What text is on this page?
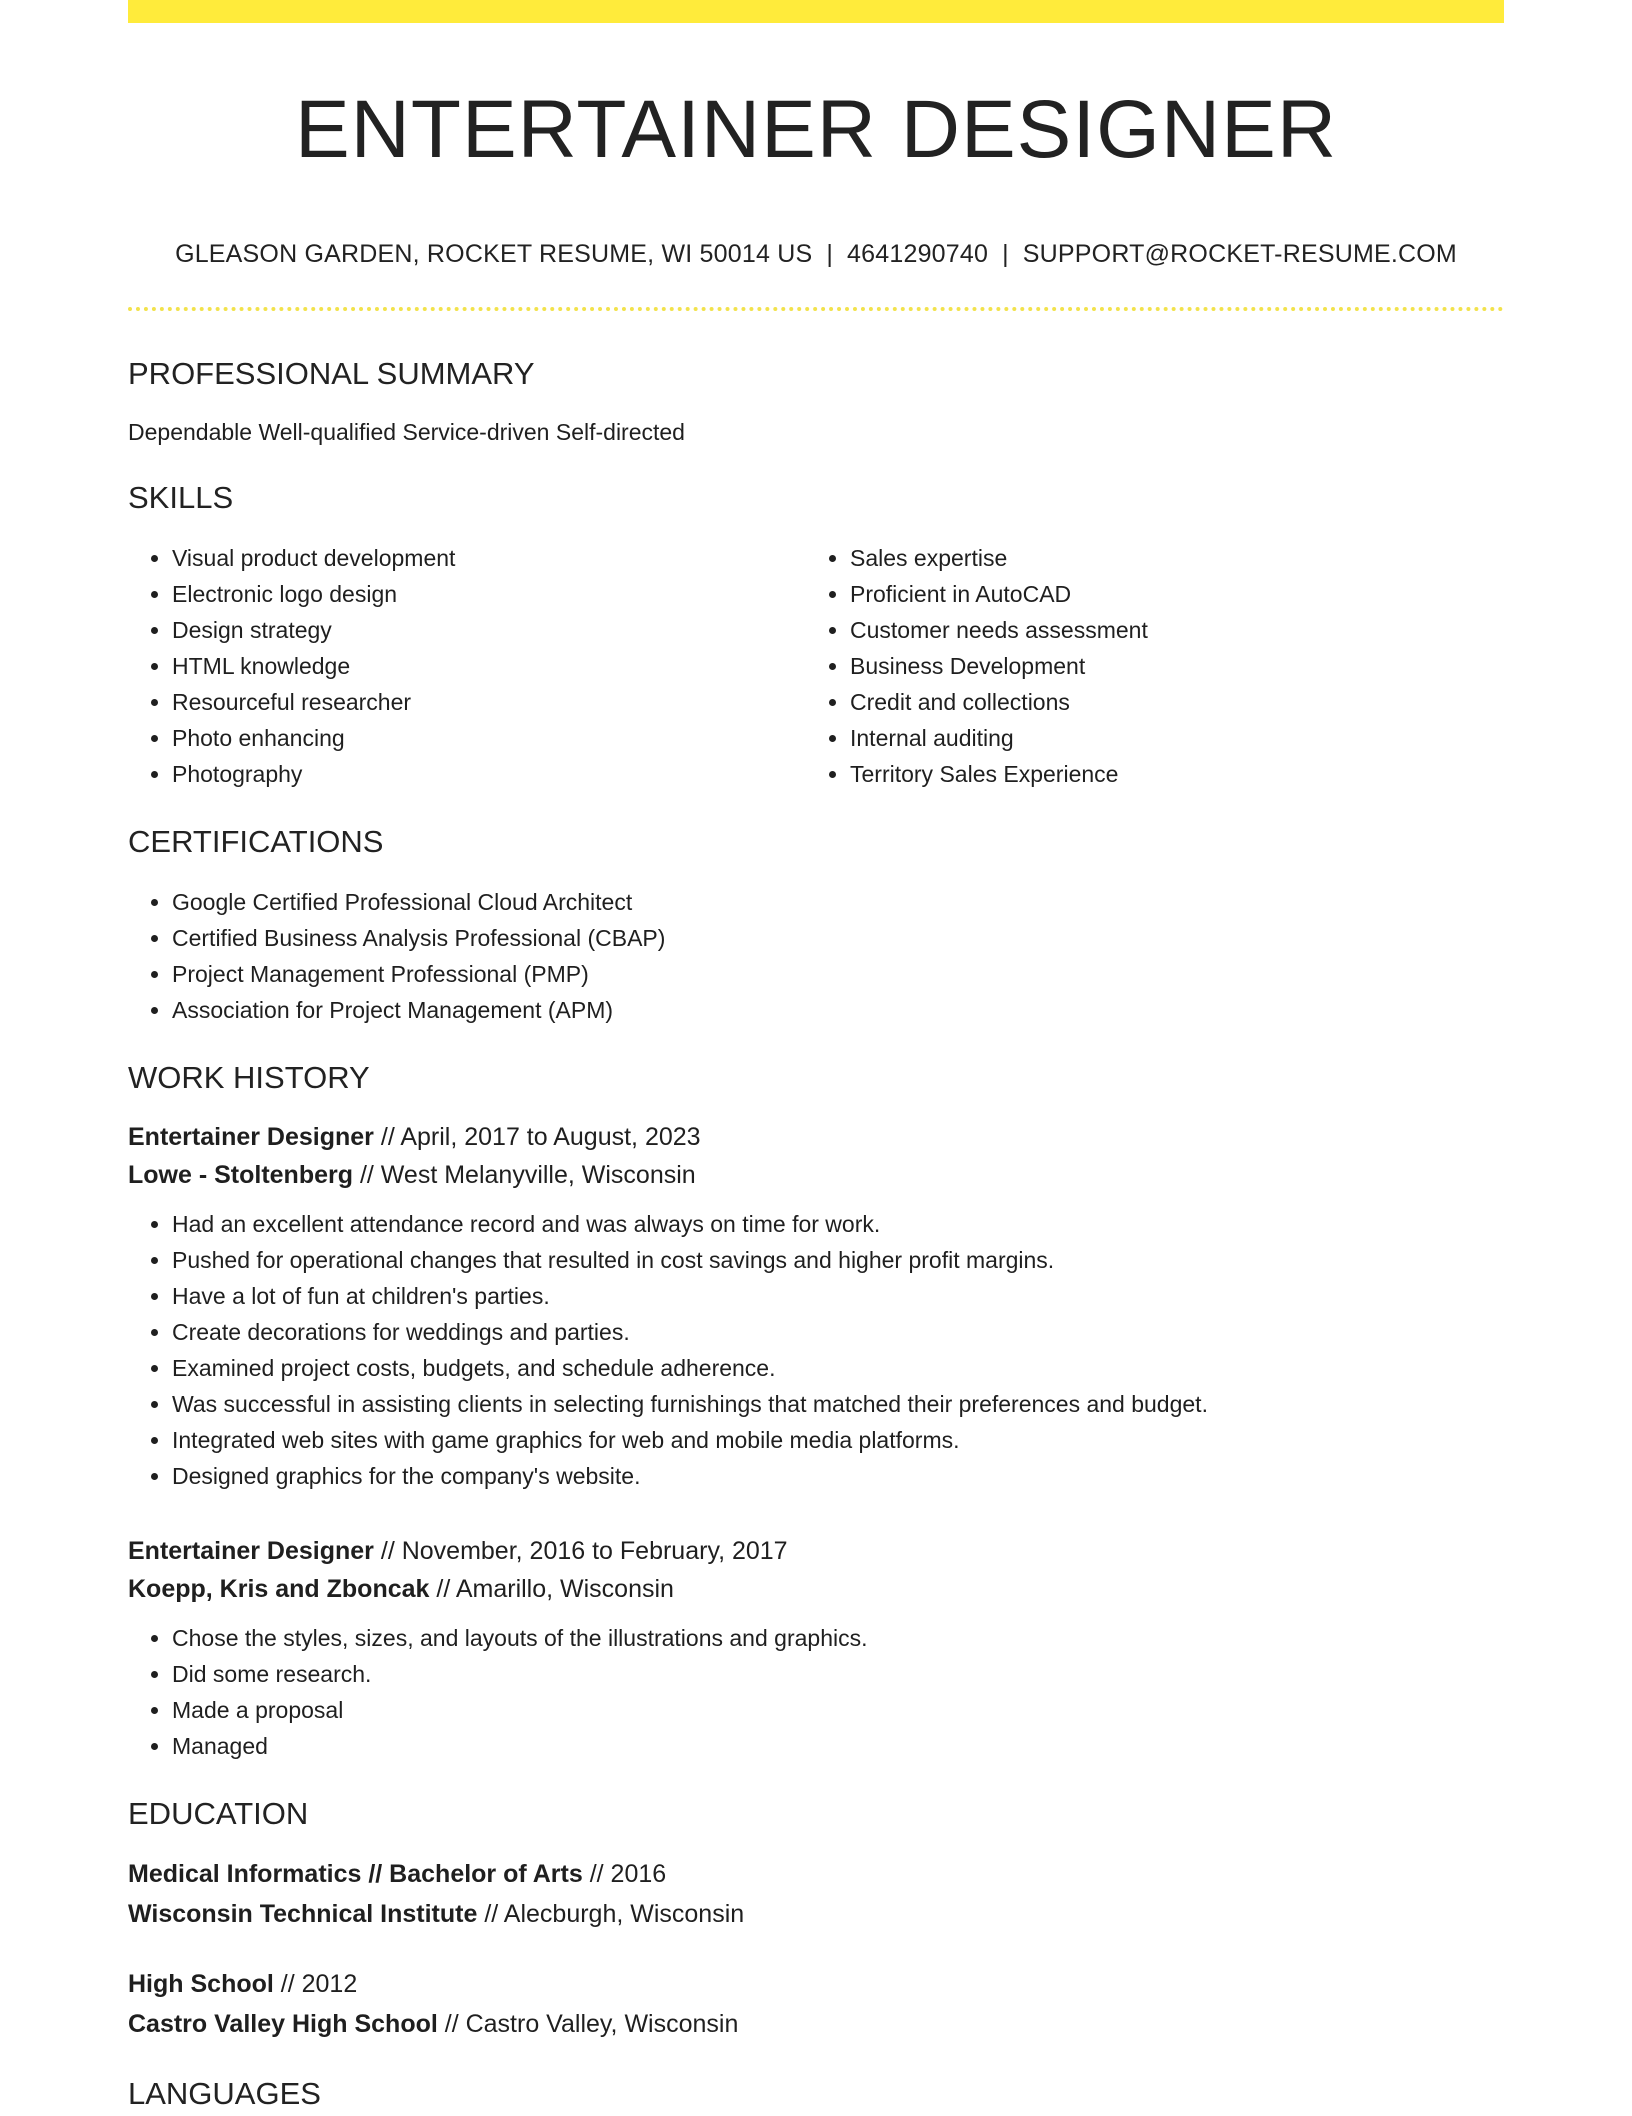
ENTERTAINER DESIGNER
GLEASON GARDEN, ROCKET RESUME, WI 50014 US | 4641290740 | SUPPORT@ROCKET-RESUME.COM
PROFESSIONAL SUMMARY

Dependable Well-qualified Service-driven Self-directed

SKILLS
• Visual product development
• Electronic logo design
• Design strategy
• HTML knowledge
• Resourceful researcher
• Photo enhancing
• Photography
• Sales expertise
• Proficient in AutoCAD
• Customer needs assessment
• Business Development
• Credit and collections
• Internal auditing
• Territory Sales Experience
CERTIFICATIONS
• Google Certified Professional Cloud Architect
• Certified Business Analysis Professional (CBAP)
• Project Management Professional (PMP)
• Association for Project Management (APM)
WORK HISTORY
Entertainer Designer // April, 2017 to August, 2023
Lowe - Stoltenberg // West Melanyville, Wisconsin
• Had an excellent attendance record and was always on time for work.
• Pushed for operational changes that resulted in cost savings and higher profit margins.
• Have a lot of fun at children's parties.
• Create decorations for weddings and parties.
• Examined project costs, budgets, and schedule adherence.
• Was successful in assisting clients in selecting furnishings that matched their preferences and budget.
• Integrated web sites with game graphics for web and mobile media platforms.
• Designed graphics for the company's website.
Entertainer Designer // November, 2016 to February, 2017
Koepp, Kris and Zboncak // Amarillo, Wisconsin
• Chose the styles, sizes, and layouts of the illustrations and graphics.
• Did some research.
• Made a proposal
• Managed
EDUCATION
Medical Informatics // Bachelor of Arts // 2016
Wisconsin Technical Institute // Alecburgh, Wisconsin
High School // 2012
Castro Valley High School // Castro Valley, Wisconsin
LANGUAGES
